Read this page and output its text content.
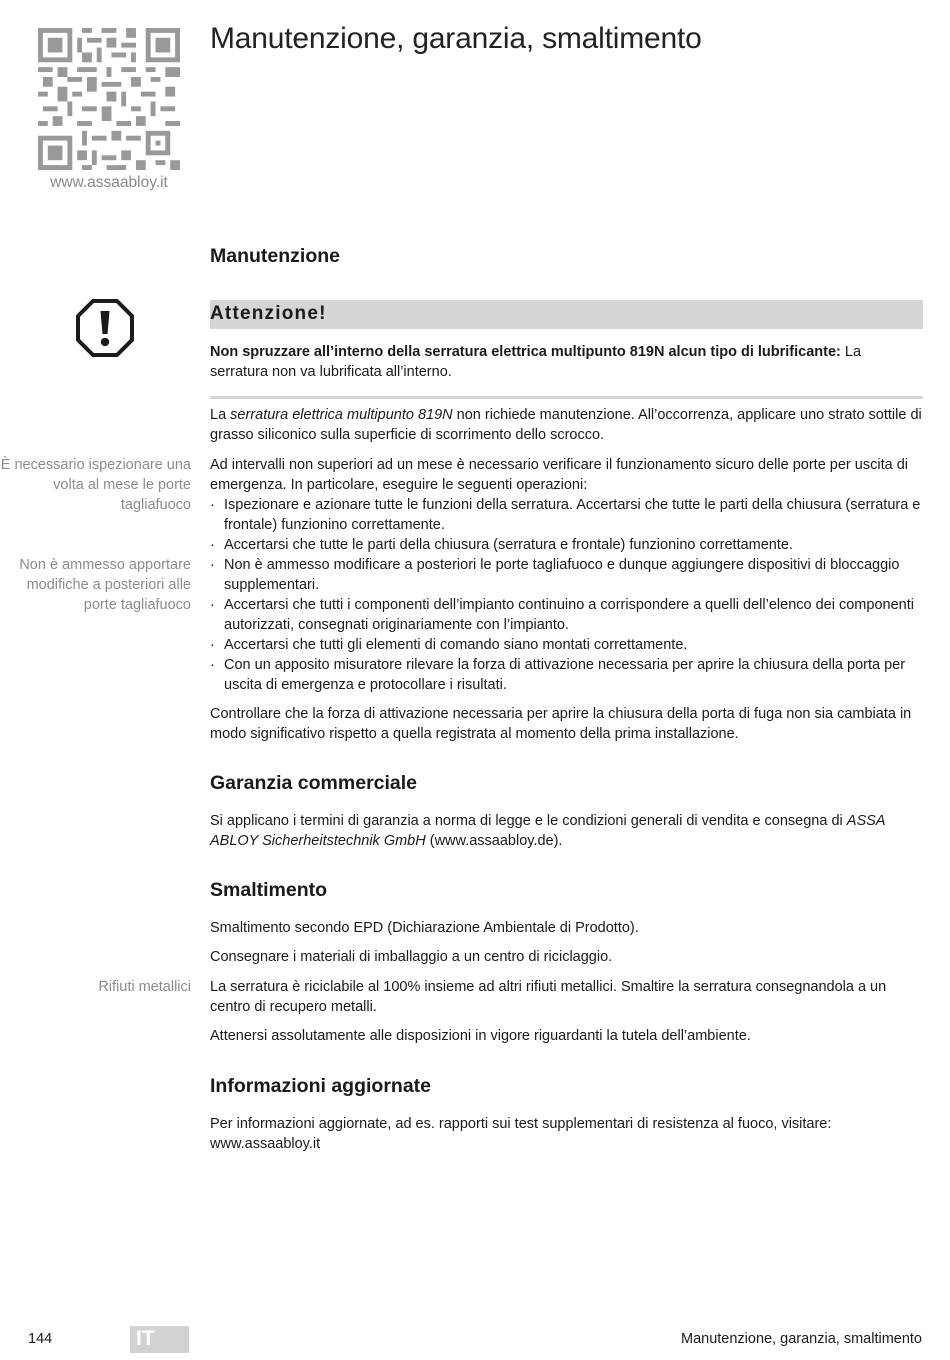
www.assaabloy.it
Manutenzione, garanzia, smaltimento
Manutenzione
Attenzione!

Non spruzzare all’interno della serratura elettrica multipunto 819N alcun tipo di lubrificante: La serratura non va lubrificata all’interno.

La serratura elettrica multipunto 819N non richiede manutenzione. All’occorrenza, applicare uno strato sottile di grasso siliconico sulla superficie di scorrimento dello scrocco.

È necessario ispezionare una volta al mese le porte tagliafuoco

Ad intervalli non superiori ad un mese è necessario verificare il funzionamento sicuro delle porte per uscita di emergenza. In particolare, eseguire le seguenti operazioni:

Non è ammesso apportare modifiche a posteriori alle porte tagliafuoco
· Ispezionare e azionare tutte le funzioni della serratura. Accertarsi che tutte le parti della chiusura (serratura e frontale) funzionino correttamente.
· Accertarsi che tutte le parti della chiusura (serratura e frontale) funzionino correttamente.
· Non è ammesso modificare a posteriori le porte tagliafuoco e dunque aggiungere dispositivi di bloccaggio supplementari.
· Accertarsi che tutti i componenti dell’impianto continuino a corrispondere a quelli dell’elenco dei componenti autorizzati, consegnati originariamente con l’impianto.
· Accertarsi che tutti gli elementi di comando siano montati correttamente.
· Con un apposito misuratore rilevare la forza di attivazione necessaria per aprire la chiusura della porta per uscita di emergenza e protocollare i risultati.

Controllare che la forza di attivazione necessaria per aprire la chiusura della porta di fuga non sia cambiata in modo significativo rispetto a quella registrata al momento della prima installazione.

Garanzia commerciale

Si applicano i termini di garanzia a norma di legge e le condizioni generali di vendita e consegna di ASSA ABLOY Sicherheitstechnik GmbH (www.assaabloy.de).

Smaltimento

Smaltimento secondo EPD (Dichiarazione Ambientale di Prodotto).

Consegnare i materiali di imballaggio a un centro di riciclaggio.

Rifiuti metallici La serratura è riciclabile al 100% insieme ad altri rifiuti metallici. Smaltire la serratura consegnandola a un centro di recupero metalli.

Attenersi assolutamente alle disposizioni in vigore riguardanti la tutela dell’ambiente.

Informazioni aggiornate

Per informazioni aggiornate, ad es. rapporti sui test supplementari di resistenza al fuoco, visitare: www.assaabloy.it

144	IT	Manutenzione, garanzia, smaltimento
